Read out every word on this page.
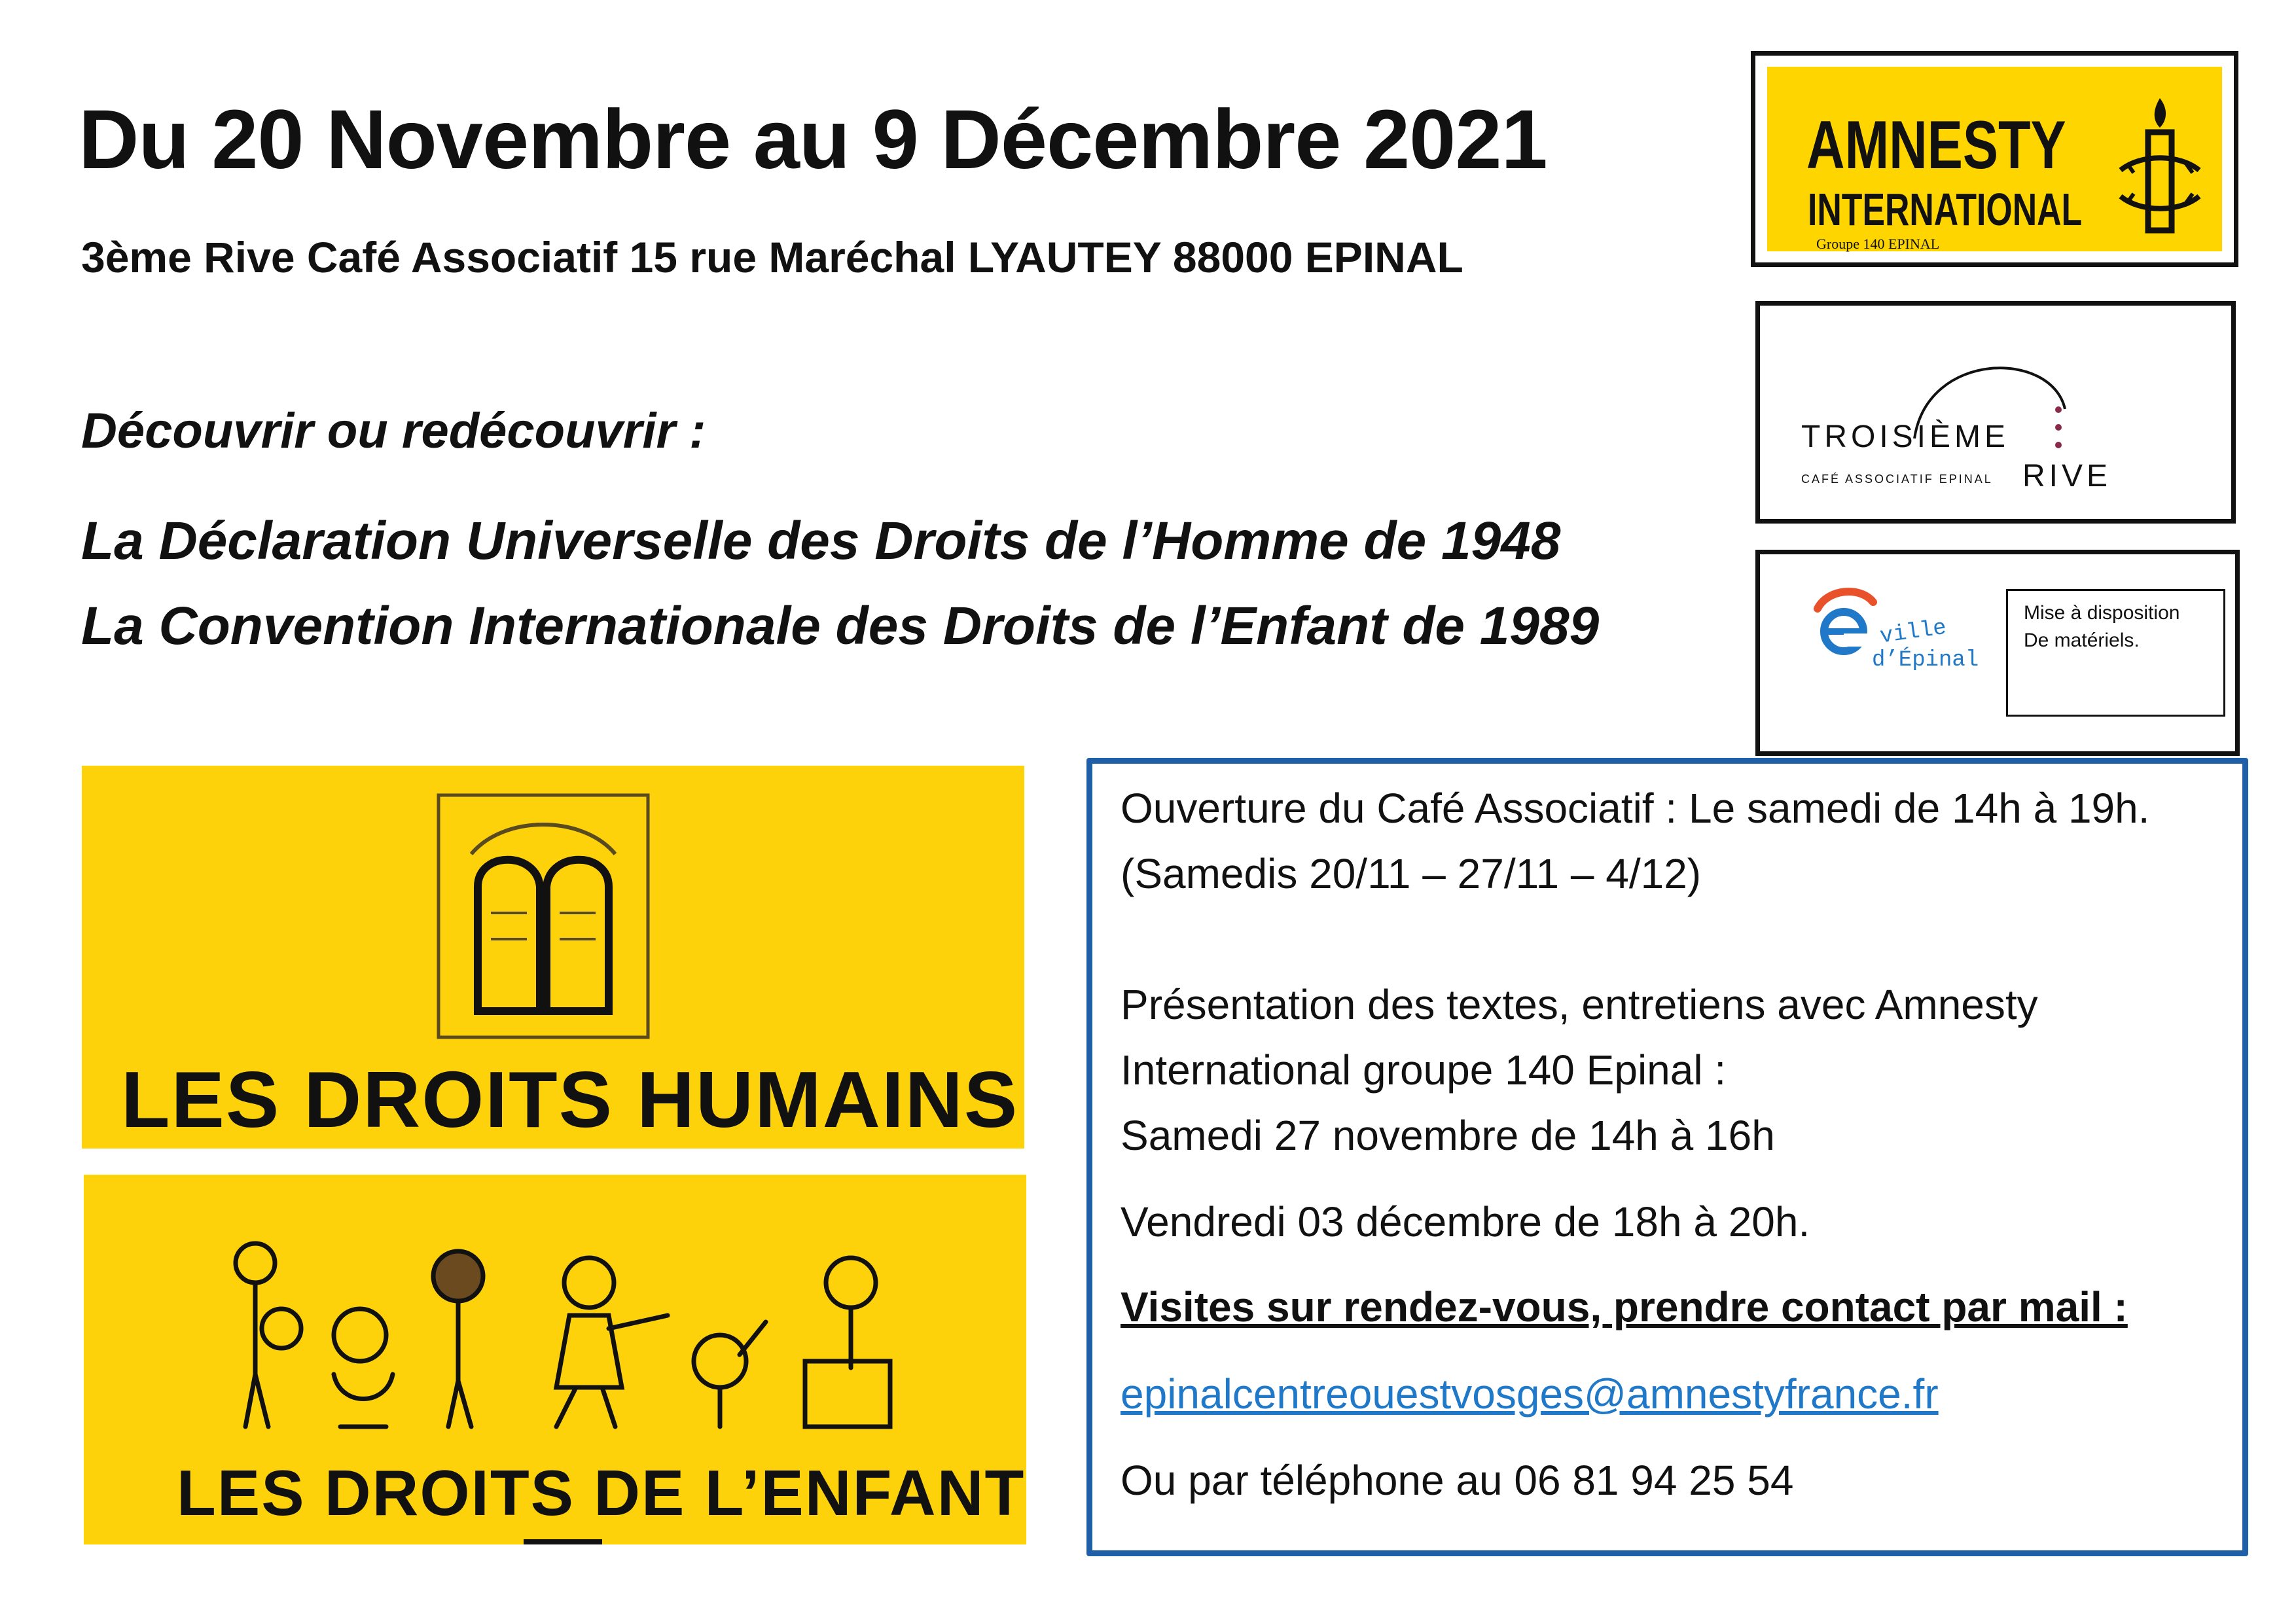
Du 20 Novembre au 9 Décembre 2021
3ème Rive Café Associatif 15 rue Maréchal LYAUTEY 88000 EPINAL
Découvrir ou redécouvrir :
La Déclaration Universelle des Droits de l’Homme de 1948
La Convention Internationale des Droits de l’Enfant de 1989
AMNESTY
INTERNATIONAL
Groupe 140 EPINAL
TROISIÈME
CAFÉ ASSOCIATIF EPINAL RIVE
ville
d’Épinal
Mise à disposition
De matériels.
LES DROITS HUMAINS
LES DROITS DE L’ENFANT
Ouverture du Café Associatif : Le samedi de 14h à 19h.
(Samedis 20/11 – 27/11 – 4/12)
Présentation des textes, entretiens avec Amnesty
International groupe 140 Epinal :
Samedi 27 novembre de 14h à 16h
Vendredi 03 décembre de 18h à 20h.
Visites sur rendez-vous, prendre contact par mail :
epinalcentreouestvosges@amnestyfrance.fr
Ou par téléphone au 06 81 94 25 54
